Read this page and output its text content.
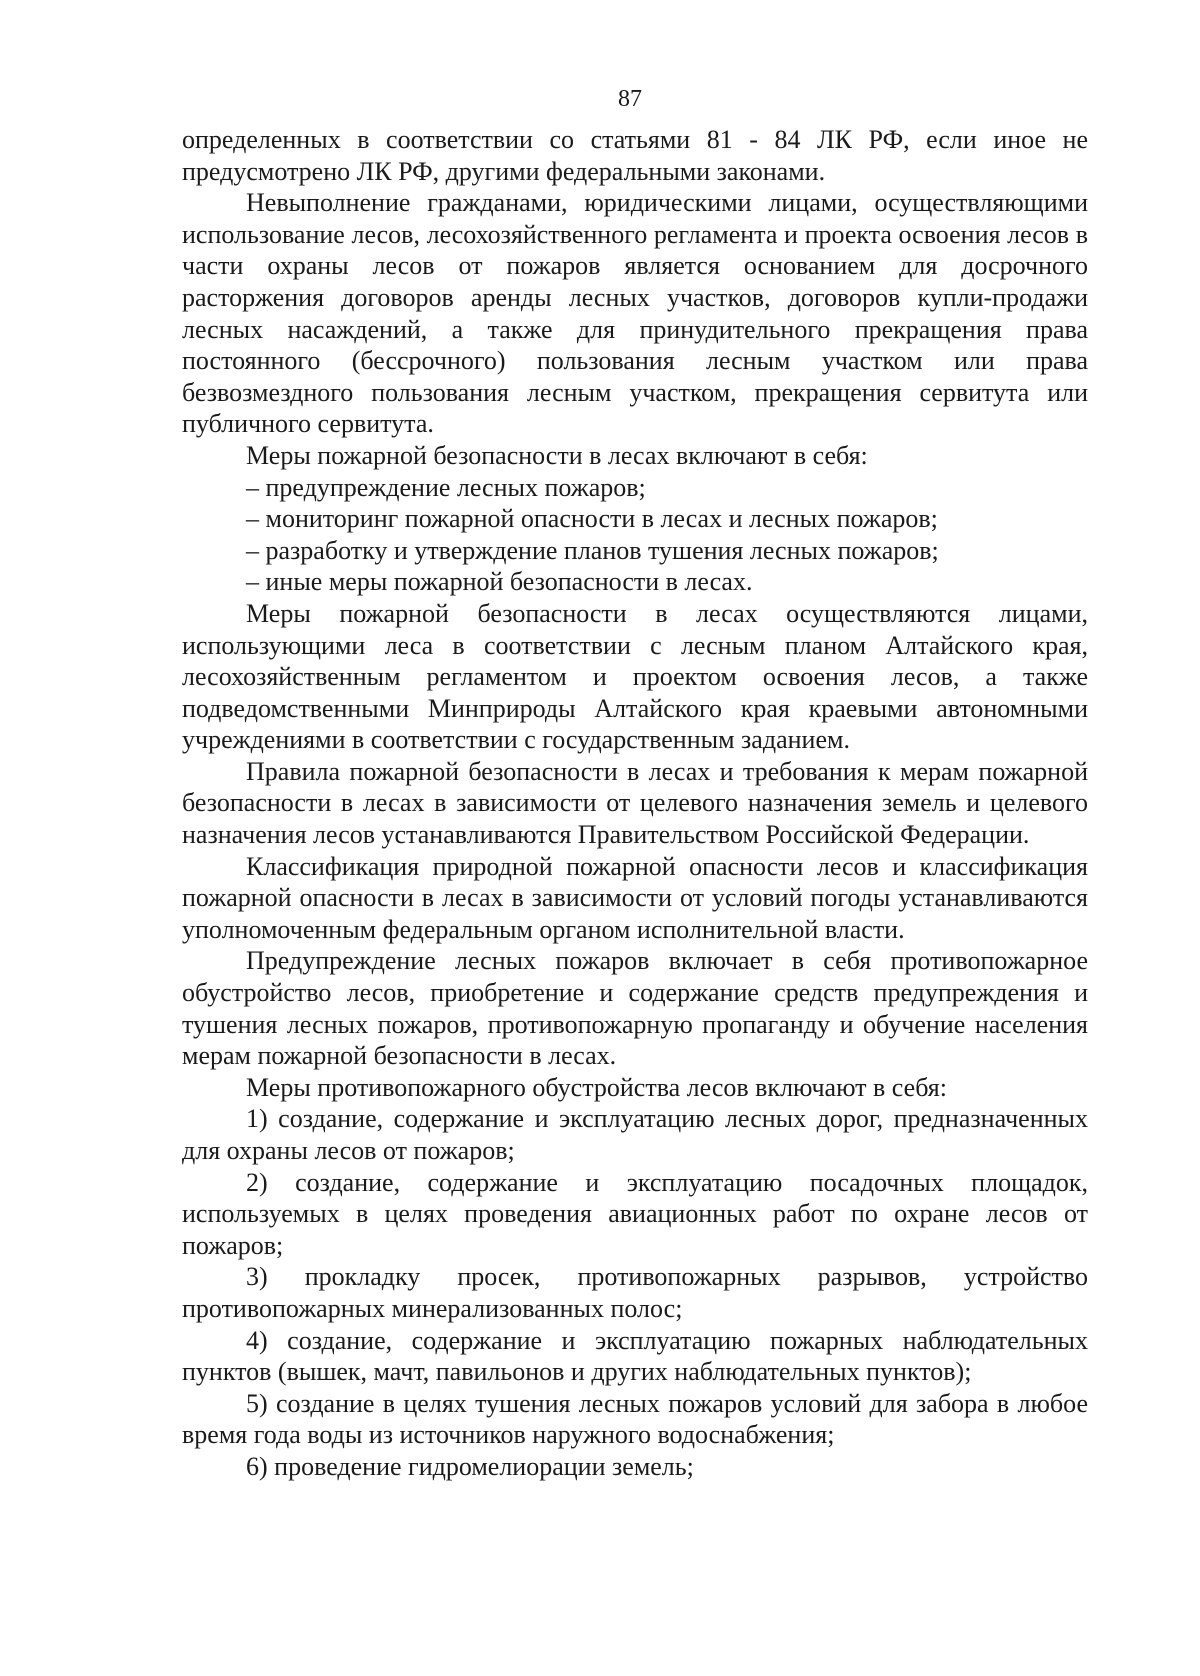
87

определенных в соответствии со статьями 81 - 84 ЛК РФ, если иное не предусмотрено ЛК РФ, другими федеральными законами.

Невыполнение гражданами, юридическими лицами, осуществляющими использование лесов, лесохозяйственного регламента и проекта освоения лесов в части охраны лесов от пожаров является основанием для досрочного расторжения договоров аренды лесных участков, договоров купли-продажи лесных насаждений, а также для принудительного прекращения права постоянного (бессрочного) пользования лесным участком или права безвозмездного пользования лесным участком, прекращения сервитута или публичного сервитута.

Меры пожарной безопасности в лесах включают в себя:

– предупреждение лесных пожаров;

– мониторинг пожарной опасности в лесах и лесных пожаров;

– разработку и утверждение планов тушения лесных пожаров;

– иные меры пожарной безопасности в лесах.

Меры пожарной безопасности в лесах осуществляются лицами, использующими леса в соответствии с лесным планом Алтайского края, лесохозяйственным регламентом и проектом освоения лесов, а также подведомственными Минприроды Алтайского края краевыми автономными учреждениями в соответствии с государственным заданием.

Правила пожарной безопасности в лесах и требования к мерам пожарной безопасности в лесах в зависимости от целевого назначения земель и целевого назначения лесов устанавливаются Правительством Российской Федерации.

Классификация природной пожарной опасности лесов и классификация пожарной опасности в лесах в зависимости от условий погоды устанавливаются уполномоченным федеральным органом исполнительной власти.

Предупреждение лесных пожаров включает в себя противопожарное обустройство лесов, приобретение и содержание средств предупреждения и тушения лесных пожаров, противопожарную пропаганду и обучение населения мерам пожарной безопасности в лесах.

Меры противопожарного обустройства лесов включают в себя:

1) создание, содержание и эксплуатацию лесных дорог, предназначенных для охраны лесов от пожаров;

2) создание, содержание и эксплуатацию посадочных площадок, используемых в целях проведения авиационных работ по охране лесов от пожаров;

3) прокладку просек, противопожарных разрывов, устройство противопожарных минерализованных полос;

4) создание, содержание и эксплуатацию пожарных наблюдательных пунктов (вышек, мачт, павильонов и других наблюдательных пунктов);

5) создание в целях тушения лесных пожаров условий для забора в любое время года воды из источников наружного водоснабжения;

6) проведение гидромелиорации земель;
